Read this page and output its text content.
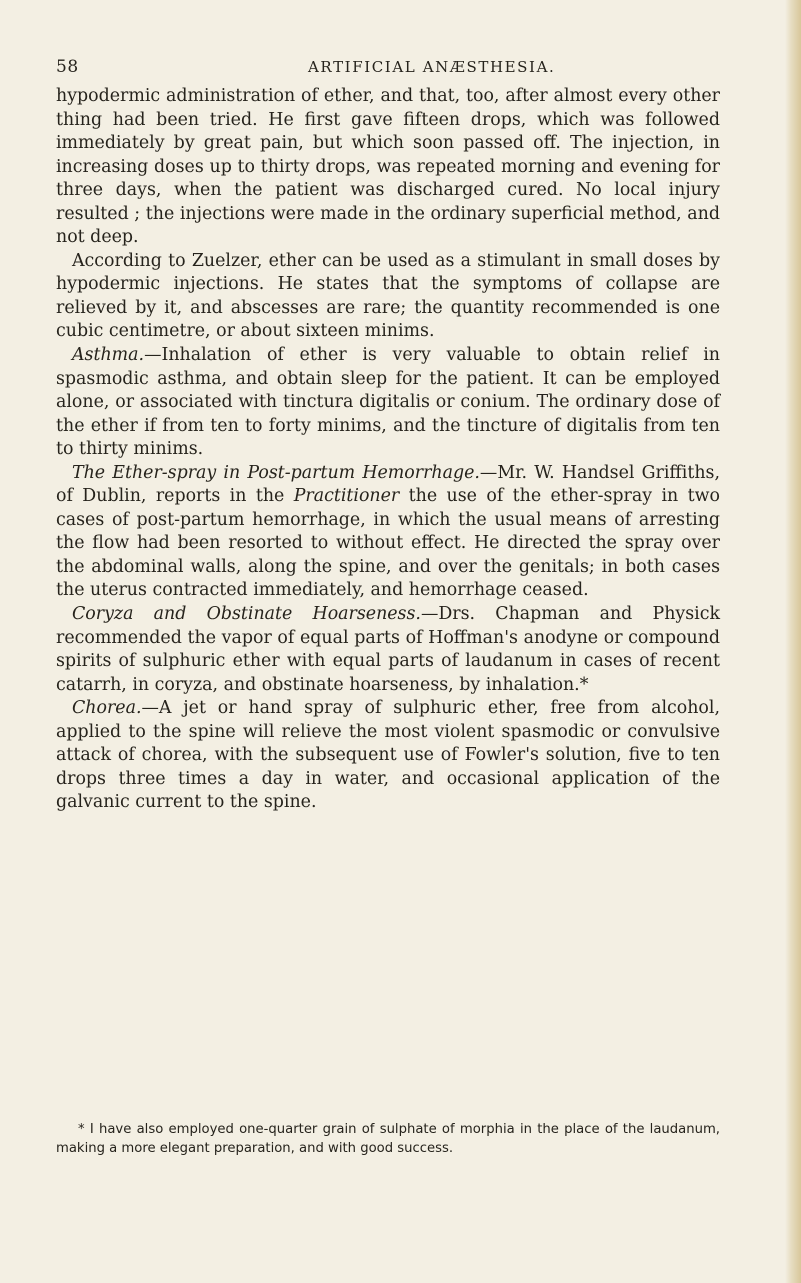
58	ARTIFICIAL ANÆSTHESIA.

hypodermic administration of ether, and that, too, after almost every other thing had been tried. He first gave fifteen drops, which was followed immediately by great pain, but which soon passed off. The injection, in increasing doses up to thirty drops, was repeated morning and evening for three days, when the patient was discharged cured. No local injury resulted ; the injections were made in the ordinary superficial method, and not deep.

According to Zuelzer, ether can be used as a stimulant in small doses by hypodermic injections. He states that the symptoms of collapse are relieved by it, and abscesses are rare; the quantity recommended is one cubic centimetre, or about sixteen minims.

Asthma.—Inhalation of ether is very valuable to obtain relief in spasmodic asthma, and obtain sleep for the patient. It can be employed alone, or associated with tinctura digitalis or conium. The ordinary dose of the ether if from ten to forty minims, and the tincture of digitalis from ten to thirty minims.

The Ether-spray in Post-partum Hemorrhage.—Mr. W. Handsel Griffiths, of Dublin, reports in the Practitioner the use of the ether-spray in two cases of post-partum hemorrhage, in which the usual means of arresting the flow had been resorted to without effect. He directed the spray over the abdominal walls, along the spine, and over the genitals; in both cases the uterus contracted immediately, and hemorrhage ceased.

Coryza and Obstinate Hoarseness.—Drs. Chapman and Physick recommended the vapor of equal parts of Hoffman's anodyne or compound spirits of sulphuric ether with equal parts of laudanum in cases of recent catarrh, in coryza, and obstinate hoarseness, by inhalation.*

Chorea.—A jet or hand spray of sulphuric ether, free from alcohol, applied to the spine will relieve the most violent spasmodic or convulsive attack of chorea, with the subsequent use of Fowler's solution, five to ten drops three times a day in water, and occasional application of the galvanic current to the spine.

* I have also employed one-quarter grain of sulphate of morphia in the place of the laudanum, making a more elegant preparation, and with good success.
